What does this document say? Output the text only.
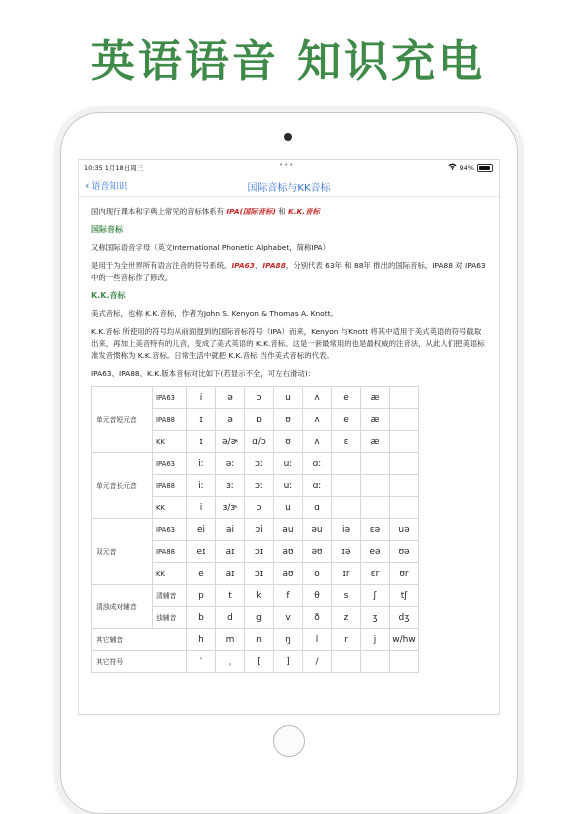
英语语音 知识充电
10:35 1月18日周三	•••	94%
‹ 语音知识	国际音标与KK音标

国内现行课本和字典上常见的音标体系有 IPA(国际音标) 和 K.K.音标

国际音标

又称国际语音字母（英文International Phonetic Alphabet，简称IPA）

是用于为全世界所有语言注音的符号系统。IPA63、IPA88，分别代表 63年 和 88年 推出的国际音标，IPA88 对 IPA63 中的一些音标作了修改。

K.K.音标

美式音标，也称 K.K.音标，作者为John S. Kenyon & Thomas A. Knott。

K.K.音标 所使用的符号均从前面提到的国际音标符号（IPA）而来，Kenyon 与Knott 将其中适用于美式英语的符号截取出来，再加上美音特有的儿音，变成了美式英语的 K.K.音标。这是一套最常用的也是最权威的注音法，从此人们把美语标准发音惯称为 K.K.音标。日常生活中就把 K.K.音标 当作美式音标的代表。

IPA63、IPA88、K.K.版本音标对比如下(若显示不全，可左右滑动)：

单元音短元音	IPA63	i	ə	ɔ	u	ʌ	e	æ	
	IPA88	ɪ	ə	ɒ	ʊ	ʌ	e	æ	
	KK	ɪ	ə/ɚ	ɑ/ɔ	ʊ	ʌ	ɛ	æ	
单元音长元音	IPA63	iː	əː	ɔː	uː	ɑː			
	IPA88	iː	ɜː	ɔː	uː	ɑː			
	KK	i	ɜ/ɝ	ɔ	u	ɑ			
双元音	IPA63	ei	ai	ɔi	au	əu	iə	εə	uə
	IPA88	eɪ	aɪ	ɔɪ	aʊ	əʊ	ɪə	eə	ʊə
	KK	e	aɪ	ɔɪ	aʊ	o	ɪr	ɛr	ʊr
清浊成对辅音	清辅音	p	t	k	f	θ	s	ʃ	tʃ
	浊辅音	b	d	g	v	ð	z	ʒ	dʒ
其它辅音		h	m	n	ŋ	l	r	j	w/hw
其它符号		ˈ	ˌ	[	]	/			
